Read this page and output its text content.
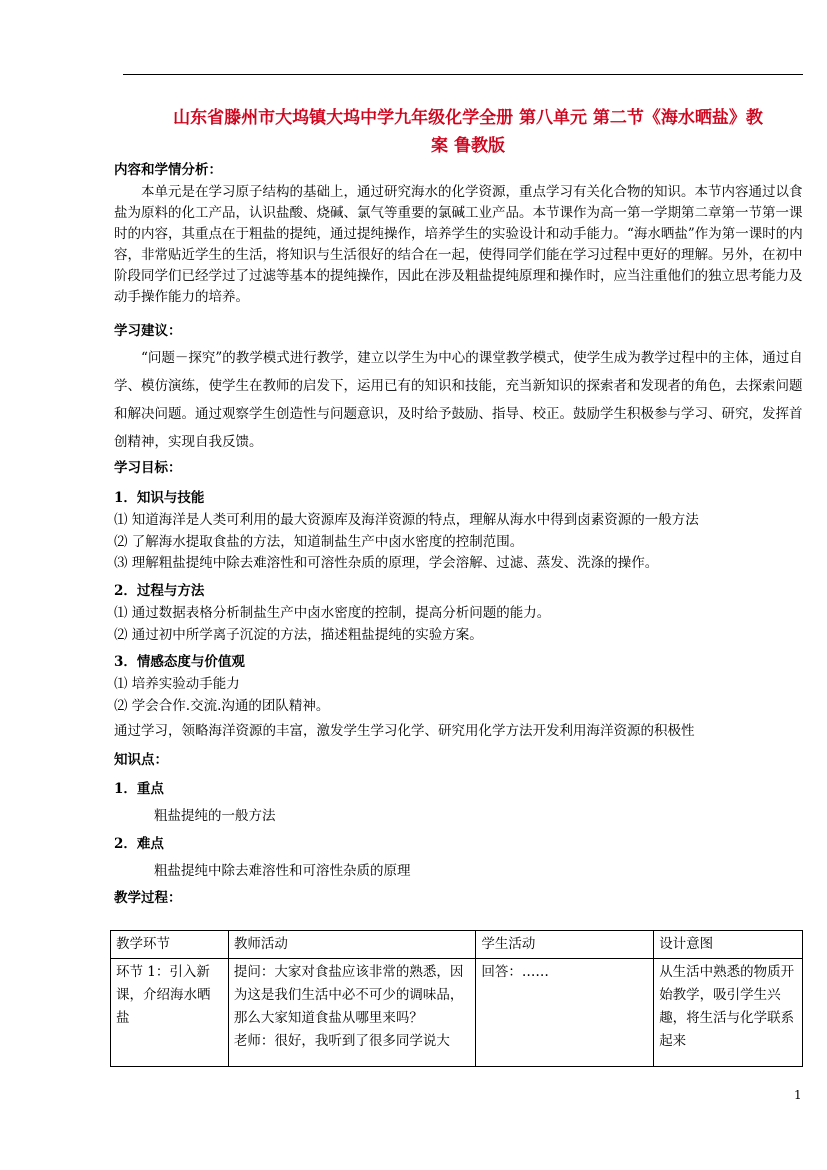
山东省滕州市大坞镇大坞中学九年级化学全册 第八单元 第二节《海水晒盐》教
案 鲁教版
内容和学情分析：
本单元是在学习原子结构的基础上，通过研究海水的化学资源，重点学习有关化合物的知识。本节内容通过以食盐为原料的化工产品，认识盐酸、烧碱、氯气等重要的氯碱工业产品。本节课作为高一第一学期第二章第一节第一课时的内容，其重点在于粗盐的提纯，通过提纯操作，培养学生的实验设计和动手能力。“海水晒盐”作为第一课时的内容，非常贴近学生的生活，将知识与生活很好的结合在一起，使得同学们能在学习过程中更好的理解。另外，在初中阶段同学们已经学过了过滤等基本的提纯操作，因此在涉及粗盐提纯原理和操作时，应当注重他们的独立思考能力及动手操作能力的培养。
学习建议：
“问题－探究”的教学模式进行教学，建立以学生为中心的课堂教学模式，使学生成为教学过程中的主体，通过自学、模仿演练，使学生在教师的启发下，运用已有的知识和技能，充当新知识的探索者和发现者的角色，去探索问题和解决问题。通过观察学生创造性与问题意识，及时给予鼓励、指导、校正。鼓励学生积极参与学习、研究，发挥首创精神，实现自我反馈。
学习目标：
1．知识与技能
⑴ 知道海洋是人类可利用的最大资源库及海洋资源的特点，理解从海水中得到卤素资源的一般方法
⑵ 了解海水提取食盐的方法，知道制盐生产中卤水密度的控制范围。
⑶ 理解粗盐提纯中除去难溶性和可溶性杂质的原理，学会溶解、过滤、蒸发、洗涤的操作。
2．过程与方法
⑴ 通过数据表格分析制盐生产中卤水密度的控制，提高分析问题的能力。
⑵ 通过初中所学离子沉淀的方法，描述粗盐提纯的实验方案。
3．情感态度与价值观
⑴ 培养实验动手能力
⑵ 学会合作.交流.沟通的团队精神。
通过学习，领略海洋资源的丰富，激发学生学习化学、研究用化学方法开发利用海洋资源的积极性
知识点：
1．重点
粗盐提纯的一般方法
2．难点
粗盐提纯中除去难溶性和可溶性杂质的原理
教学过程：
教学环节	教师活动	学生活动	设计意图
环节 1：引入新课，介绍海水晒盐	提问：大家对食盐应该非常的熟悉，因为这是我们生活中必不可少的调味品，那么大家知道食盐从哪里来吗？
老师：很好，我听到了很多同学说大	回答：……	从生活中熟悉的物质开始教学，吸引学生兴趣，将生活与化学联系起来
1
